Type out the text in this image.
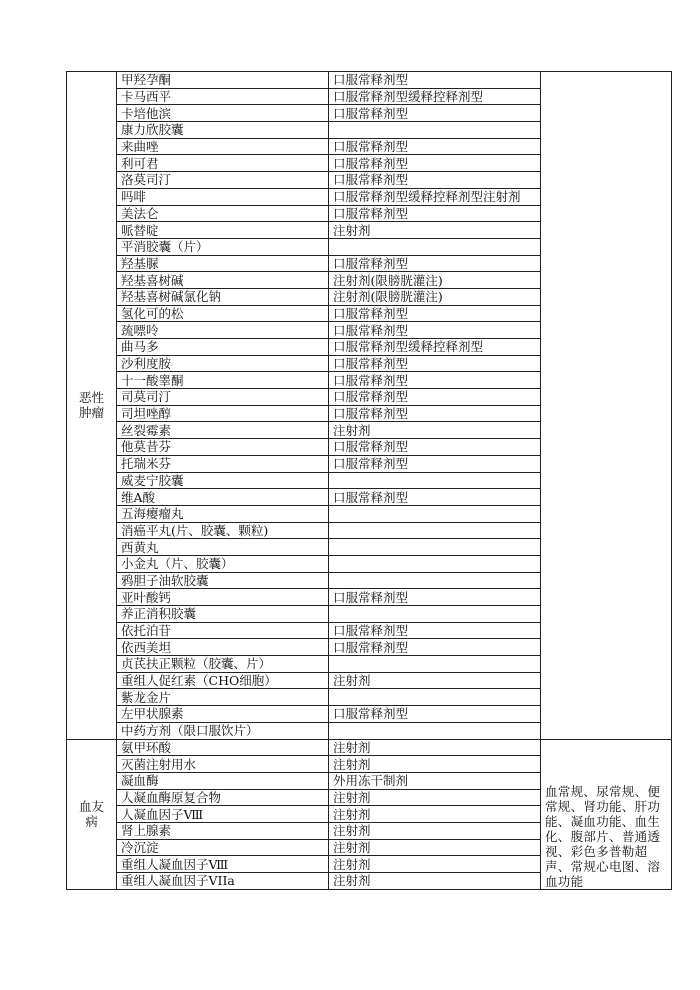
恶性肿瘤	甲羟孕酮	口服常释剂型	
	卡马西平	口服常释剂型缓释控释剂型	
	卡培他滨	口服常释剂型	
	康力欣胶囊		
	来曲唑	口服常释剂型	
	利可君	口服常释剂型	
	洛莫司汀	口服常释剂型	
	吗啡	口服常释剂型缓释控释剂型注射剂	
	美法仑	口服常释剂型	
	哌替啶	注射剂	
	平消胶囊（片）		
	羟基脲	口服常释剂型	
	羟基喜树碱	注射剂(限膀胱灌注)	
	羟基喜树碱氯化钠	注射剂(限膀胱灌注)	
	氢化可的松	口服常释剂型	
	巯嘌呤	口服常释剂型	
	曲马多	口服常释剂型缓释控释剂型	
	沙利度胺	口服常释剂型	
	十一酸睾酮	口服常释剂型	
	司莫司汀	口服常释剂型	
	司坦唑醇	口服常释剂型	
	丝裂霉素	注射剂	
	他莫昔芬	口服常释剂型	
	托瑞米芬	口服常释剂型	
	威麦宁胶囊		
	维A酸	口服常释剂型	
	五海瘿瘤丸		
	消癌平丸(片、胶囊、颗粒)		
	西黄丸		
	小金丸（片、胶囊）		
	鸦胆子油软胶囊		
	亚叶酸钙	口服常释剂型	
	养正消积胶囊		
	依托泊苷	口服常释剂型	
	依西美坦	口服常释剂型	
	贞芪扶正颗粒（胶囊、片）		
	重组人促红素（CHO细胞）	注射剂	
	紫龙金片		
	左甲状腺素	口服常释剂型	
	中药方剂（限口服饮片）		
血友病	氨甲环酸	注射剂	血常规、尿常规、便常规、肾功能、肝功能、凝血功能、血生化、腹部片、普通透视、彩色多普勒超声、常规心电图、溶血功能
	灭菌注射用水	注射剂	
	凝血酶	外用冻干制剂	
	人凝血酶原复合物	注射剂	
	人凝血因子Ⅷ	注射剂	
	肾上腺素	注射剂	
	冷沉淀	注射剂	
	重组人凝血因子Ⅷ	注射剂	
	重组人凝血因子VIIa	注射剂	
